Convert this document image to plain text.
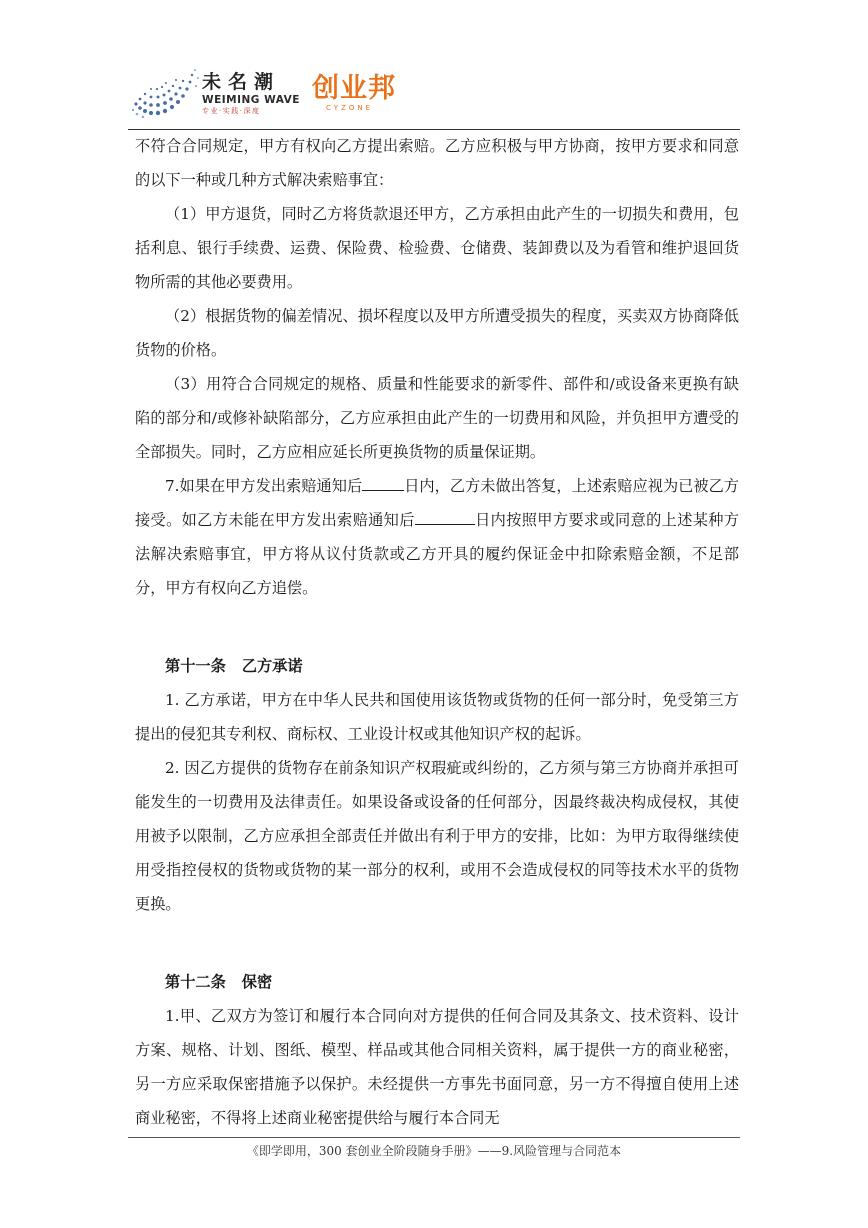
未名潮
WEIMING WAVE
专业·实践·深度
创业邦
CYZONE

不符合合同规定，甲方有权向乙方提出索赔。乙方应积极与甲方协商，按甲方要求和同意的以下一种或几种方式解决索赔事宜：

（1）甲方退货，同时乙方将货款退还甲方，乙方承担由此产生的一切损失和费用，包括利息、银行手续费、运费、保险费、检验费、仓储费、装卸费以及为看管和维护退回货物所需的其他必要费用。

（2）根据货物的偏差情况、损坏程度以及甲方所遭受损失的程度，买卖双方协商降低货物的价格。

（3）用符合合同规定的规格、质量和性能要求的新零件、部件和/或设备来更换有缺陷的部分和/或修补缺陷部分，乙方应承担由此产生的一切费用和风险，并负担甲方遭受的全部损失。同时，乙方应相应延长所更换货物的质量保证期。

7.如果在甲方发出索赔通知后	日内，乙方未做出答复，上述索赔应视为已被乙方接受。如乙方未能在甲方发出索赔通知后	日内按照甲方要求或同意的上述某种方法解决索赔事宜，甲方将从议付货款或乙方开具的履约保证金中扣除索赔金额，不足部分，甲方有权向乙方追偿。

第十一条 乙方承诺

1. 乙方承诺，甲方在中华人民共和国使用该货物或货物的任何一部分时，免受第三方提出的侵犯其专利权、商标权、工业设计权或其他知识产权的起诉。

2. 因乙方提供的货物存在前条知识产权瑕疵或纠纷的，乙方须与第三方协商并承担可能发生的一切费用及法律责任。如果设备或设备的任何部分，因最终裁决构成侵权，其使用被予以限制，乙方应承担全部责任并做出有利于甲方的安排，比如：为甲方取得继续使用受指控侵权的货物或货物的某一部分的权利，或用不会造成侵权的同等技术水平的货物更换。

第十二条 保密

1.甲、乙双方为签订和履行本合同向对方提供的任何合同及其条文、技术资料、设计方案、规格、计划、图纸、模型、样品或其他合同相关资料，属于提供一方的商业秘密，另一方应采取保密措施予以保护。未经提供一方事先书面同意，另一方不得擅自使用上述商业秘密，不得将上述商业秘密提供给与履行本合同无

《即学即用，300 套创业全阶段随身手册》——9.风险管理与合同范本
